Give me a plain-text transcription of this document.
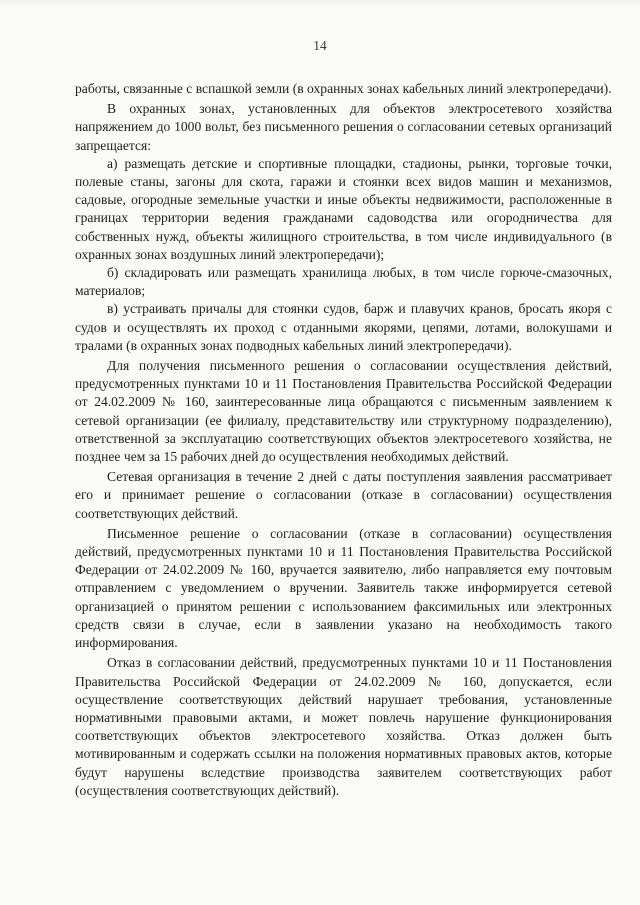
14

работы, связанные с вспашкой земли (в охранных зонах кабельных линий электропередачи).

В охранных зонах, установленных для объектов электросетевого хозяйства напряжением до 1000 вольт, без письменного решения о согласовании сетевых организаций запрещается:

а) размещать детские и спортивные площадки, стадионы, рынки, торговые точки, полевые станы, загоны для скота, гаражи и стоянки всех видов машин и механизмов, садовые, огородные земельные участки и иные объекты недвижимости, расположенные в границах территории ведения гражданами садоводства или огородничества для собственных нужд, объекты жилищного строительства, в том числе индивидуального (в охранных зонах воздушных линий электропередачи);

б) складировать или размещать хранилища любых, в том числе горюче-смазочных, материалов;

в) устраивать причалы для стоянки судов, барж и плавучих кранов, бросать якоря с судов и осуществлять их проход с отданными якорями, цепями, лотами, волокушами и тралами (в охранных зонах подводных кабельных линий электропередачи).

Для получения письменного решения о согласовании осуществления действий, предусмотренных пунктами 10 и 11 Постановления Правительства Российской Федерации от 24.02.2009 № 160, заинтересованные лица обращаются с письменным заявлением к сетевой организации (ее филиалу, представительству или структурному подразделению), ответственной за эксплуатацию соответствующих объектов электросетевого хозяйства, не позднее чем за 15 рабочих дней до осуществления необходимых действий.

Сетевая организация в течение 2 дней с даты поступления заявления рассматривает его и принимает решение о согласовании (отказе в согласовании) осуществления соответствующих действий.

Письменное решение о согласовании (отказе в согласовании) осуществления действий, предусмотренных пунктами 10 и 11 Постановления Правительства Российской Федерации от 24.02.2009 № 160, вручается заявителю, либо направляется ему почтовым отправлением с уведомлением о вручении. Заявитель также информируется сетевой организацией о принятом решении с использованием факсимильных или электронных средств связи в случае, если в заявлении указано на необходимость такого информирования.

Отказ в согласовании действий, предусмотренных пунктами 10 и 11 Постановления Правительства Российской Федерации от 24.02.2009 № 160, допускается, если осуществление соответствующих действий нарушает требования, установленные нормативными правовыми актами, и может повлечь нарушение функционирования соответствующих объектов электросетевого хозяйства. Отказ должен быть мотивированным и содержать ссылки на положения нормативных правовых актов, которые будут нарушены вследствие производства заявителем соответствующих работ (осуществления соответствующих действий).
